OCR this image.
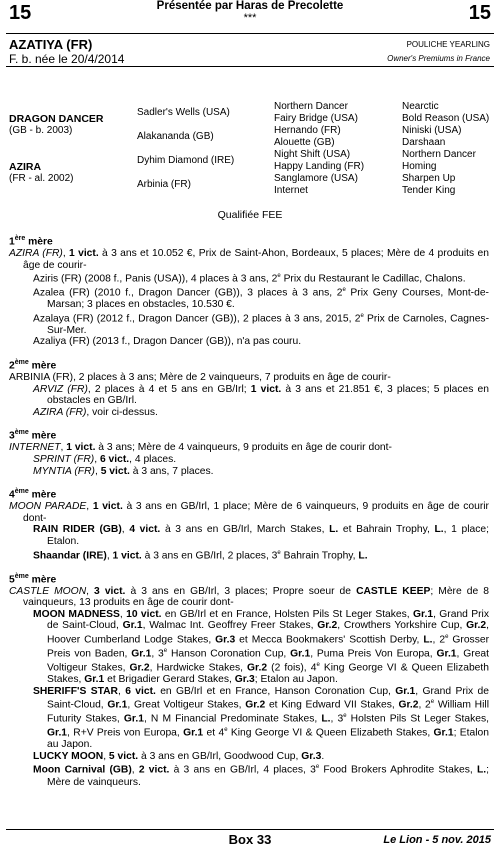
15	15
Présentée par Haras de Precolette
***
AZATIYA (FR)
F. b. née le 20/4/2014
POULICHE YEARLING
Owner's Premiums in France
DRAGON DANCER
(GB - b. 2003)
AZIRA
(FR - al. 2002)
Sadler's Wells (USA)
Alakananda (GB)
Dyhim Diamond (IRE)
Arbinia (FR)
Northern Dancer
Fairy Bridge (USA)
Hernando (FR)
Alouette (GB)
Night Shift (USA)
Happy Landing (FR)
Sanglamore (USA)
Internet
Nearctic
Bold Reason (USA)
Niniski (USA)
Darshaan
Northern Dancer
Homing
Sharpen Up
Tender King
Qualifiée FEE
1ère mère

AZIRA (FR), 1 vict. à 3 ans et 10.052 €, Prix de Saint-Ahon, Bordeaux, 5 places; Mère de 4 produits en âge de courir-

Aziris (FR) (2008 f., Panis (USA)), 4 places à 3 ans, 2e Prix du Restaurant le Cadillac, Chalons.

Azalea (FR) (2010 f., Dragon Dancer (GB)), 3 places à 3 ans, 2e Prix Geny Courses, Mont-de-Marsan; 3 places en obstacles, 10.530 €.

Azalaya (FR) (2012 f., Dragon Dancer (GB)), 2 places à 3 ans, 2015, 2e Prix de Carnoles, Cagnes-Sur-Mer.

Azaliya (FR) (2013 f., Dragon Dancer (GB)), n'a pas couru.

2ème mère

ARBINIA (FR), 2 places à 3 ans; Mère de 2 vainqueurs, 7 produits en âge de courir-

ARVIZ (FR), 2 places à 4 et 5 ans en GB/Irl; 1 vict. à 3 ans et 21.851 €, 3 places; 5 places en obstacles en GB/Irl.

AZIRA (FR), voir ci-dessus.

3ème mère

INTERNET, 1 vict. à 3 ans; Mère de 4 vainqueurs, 9 produits en âge de courir dont-

SPRINT (FR), 6 vict., 4 places.

MYNTIA (FR), 5 vict. à 3 ans, 7 places.

4ème mère

MOON PARADE, 1 vict. à 3 ans en GB/Irl, 1 place; Mère de 6 vainqueurs, 9 produits en âge de courir dont-

RAIN RIDER (GB), 4 vict. à 3 ans en GB/Irl, March Stakes, L. et Bahrain Trophy, L., 1 place; Etalon.

Shaandar (IRE), 1 vict. à 3 ans en GB/Irl, 2 places, 3e Bahrain Trophy, L.

5ème mère

CASTLE MOON, 3 vict. à 3 ans en GB/Irl, 3 places; Propre soeur de CASTLE KEEP; Mère de 8 vainqueurs, 13 produits en âge de courir dont-

MOON MADNESS, 10 vict. en GB/Irl et en France, Holsten Pils St Leger Stakes, Gr.1, Grand Prix de Saint-Cloud, Gr.1, Walmac Int. Geoffrey Freer Stakes, Gr.2, Crowthers Yorkshire Cup, Gr.2, Hoover Cumberland Lodge Stakes, Gr.3 et Mecca Bookmakers' Scottish Derby, L., 2e Grosser Preis von Baden, Gr.1, 3e Hanson Coronation Cup, Gr.1, Puma Preis Von Europa, Gr.1, Great Voltigeur Stakes, Gr.2, Hardwicke Stakes, Gr.2 (2 fois), 4e King George VI & Queen Elizabeth Stakes, Gr.1 et Brigadier Gerard Stakes, Gr.3; Etalon au Japon.

SHERIFF'S STAR, 6 vict. en GB/Irl et en France, Hanson Coronation Cup, Gr.1, Grand Prix de Saint-Cloud, Gr.1, Great Voltigeur Stakes, Gr.2 et King Edward VII Stakes, Gr.2, 2e William Hill Futurity Stakes, Gr.1, N M Financial Predominate Stakes, L., 3e Holsten Pils St Leger Stakes, Gr.1, R+V Preis von Europa, Gr.1 et 4e King George VI & Queen Elizabeth Stakes, Gr.1; Etalon au Japon.

LUCKY MOON, 5 vict. à 3 ans en GB/Irl, Goodwood Cup, Gr.3.

Moon Carnival (GB), 2 vict. à 3 ans en GB/Irl, 4 places, 3e Food Brokers Aphrodite Stakes, L.; Mère de vainqueurs.

Box 33	Le Lion - 5 nov. 2015
